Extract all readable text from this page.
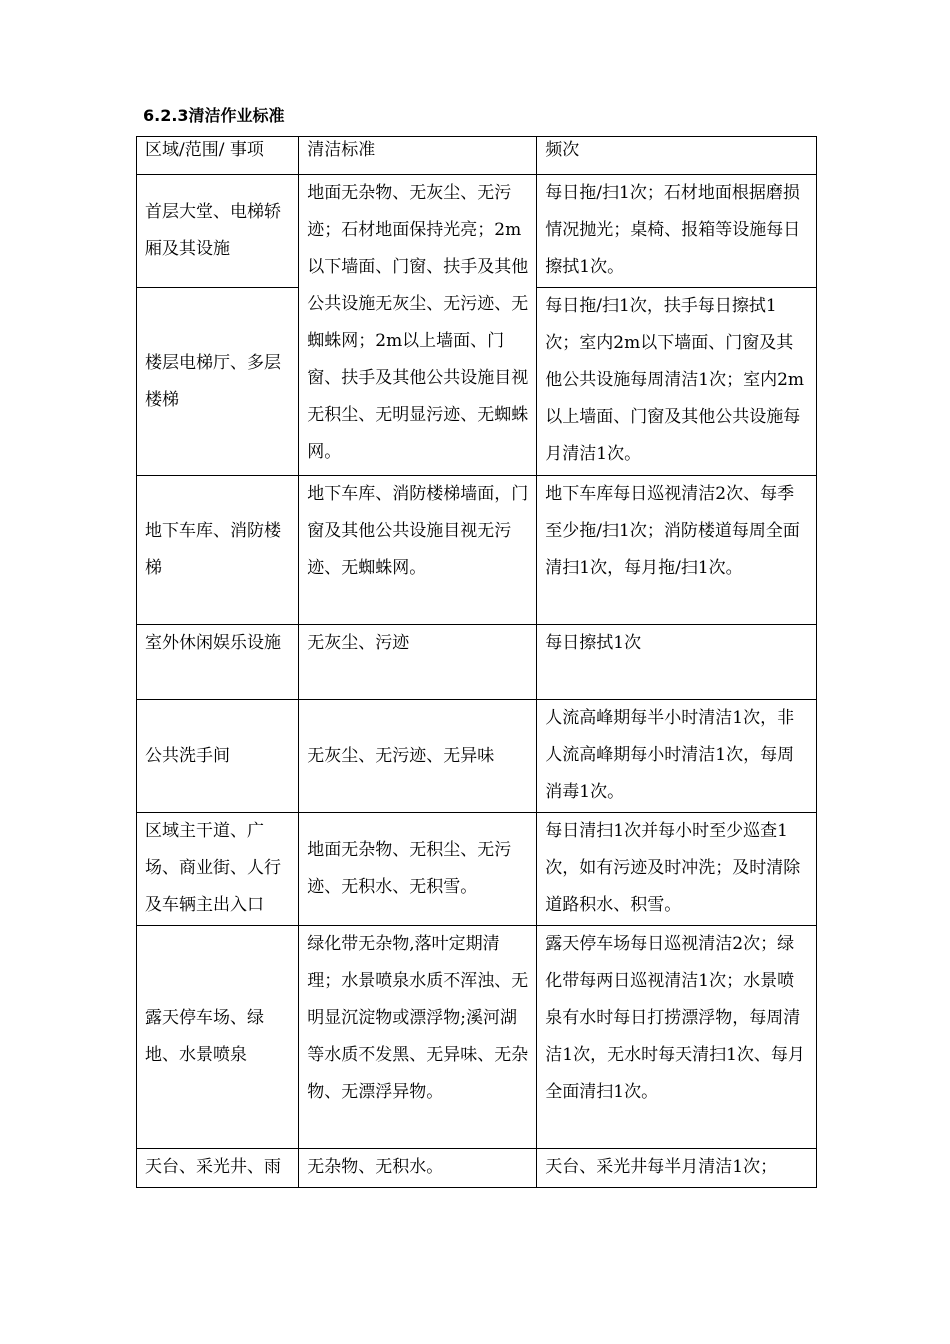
6.2.3清洁作业标准
区域/范围/ 事项	清洁标准	频次

首层大堂、电梯轿厢及其设施	地面无杂物、无灰尘、无污迹；石材地面保持光亮；2m以下墙面、门窗、扶手及其他公共设施无灰尘、无污迹、无蜘蛛网；2m以上墙面、门窗、扶手及其他公共设施目视无积尘、无明显污迹、无蜘蛛网。	每日拖/扫1次；石材地面根据磨损情况抛光；桌椅、报箱等设施每日擦拭1次。

楼层电梯厅、多层楼梯		每日拖/扫1次，扶手每日擦拭1次；室内2m以下墙面、门窗及其他公共设施每周清洁1次；室内2m以上墙面、门窗及其他公共设施每月清洁1次。

地下车库、消防楼梯	地下车库、消防楼梯墙面，门窗及其他公共设施目视无污迹、无蜘蛛网。	地下车库每日巡视清洁2次、每季至少拖/扫1次；消防楼道每周全面清扫1次，每月拖/扫1次。

室外休闲娱乐设施	无灰尘、污迹	每日擦拭1次

公共洗手间	无灰尘、无污迹、无异味	人流高峰期每半小时清洁1次，非人流高峰期每小时清洁1次，每周消毒1次。

区域主干道、广场、商业街、人行及车辆主出入口	地面无杂物、无积尘、无污迹、无积水、无积雪。	每日清扫1次并每小时至少巡查1次，如有污迹及时冲洗；及时清除道路积水、积雪。

露天停车场、绿地、水景喷泉	绿化带无杂物,落叶定期清理；水景喷泉水质不浑浊、无明显沉淀物或漂浮物;溪河湖等水质不发黑、无异味、无杂物、无漂浮异物。	露天停车场每日巡视清洁2次；绿化带每两日巡视清洁1次；水景喷泉有水时每日打捞漂浮物，每周清洁1次，无水时每天清扫1次、每月全面清扫1次。

天台、采光井、雨	无杂物、无积水。	天台、采光井每半月清洁1次；
